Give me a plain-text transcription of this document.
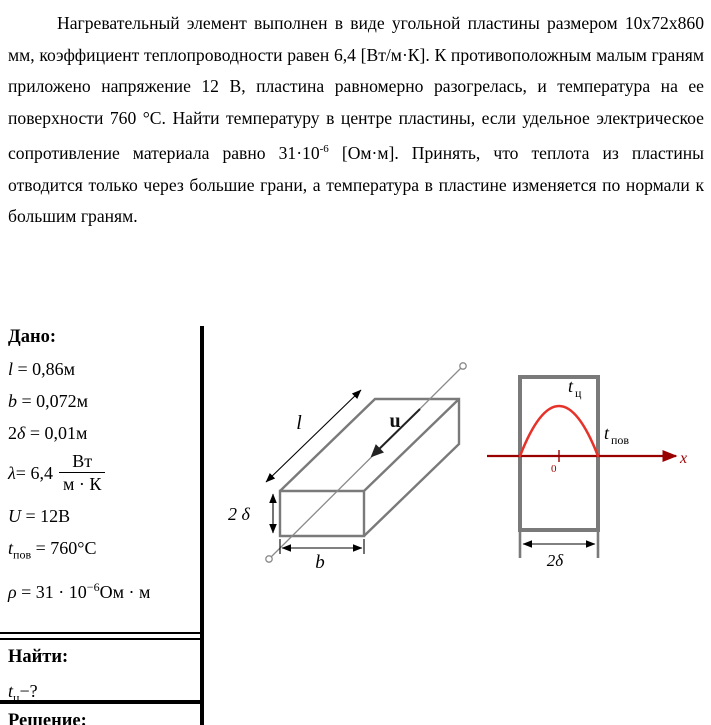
Нагревательный элемент выполнен в виде угольной пластины размером 10х72х860 мм, коэффициент теплопроводности равен 6,4 [Вт/м·К]. К противоположным малым граням приложено напряжение 12 В, пластина равномерно разогрелась, и температура на ее поверхности 760 °С. Найти температуру в центре пластины, если удельное электрическое сопротивление материала равно $31\cdot 10^{-6}$ [Ом·м]. Принять, что теплота из пластины отводится только через большие грани, а температура в пластине изменяется по нормали к большим граням.

Дано:
l = 0,86м
b = 0,072м
2δ = 0,01м
$\lambda = 6,4 \frac{Вт}{м \cdot К}$
U = 12В
$t_{пов} = 760^\circ С$
$\rho = 31 \cdot 10^{-6}Ом \cdot м$
Найти:
$t_ц-$?
Решение:
u
l
2 δ
b
0
x
t ц
t пов
2δ
